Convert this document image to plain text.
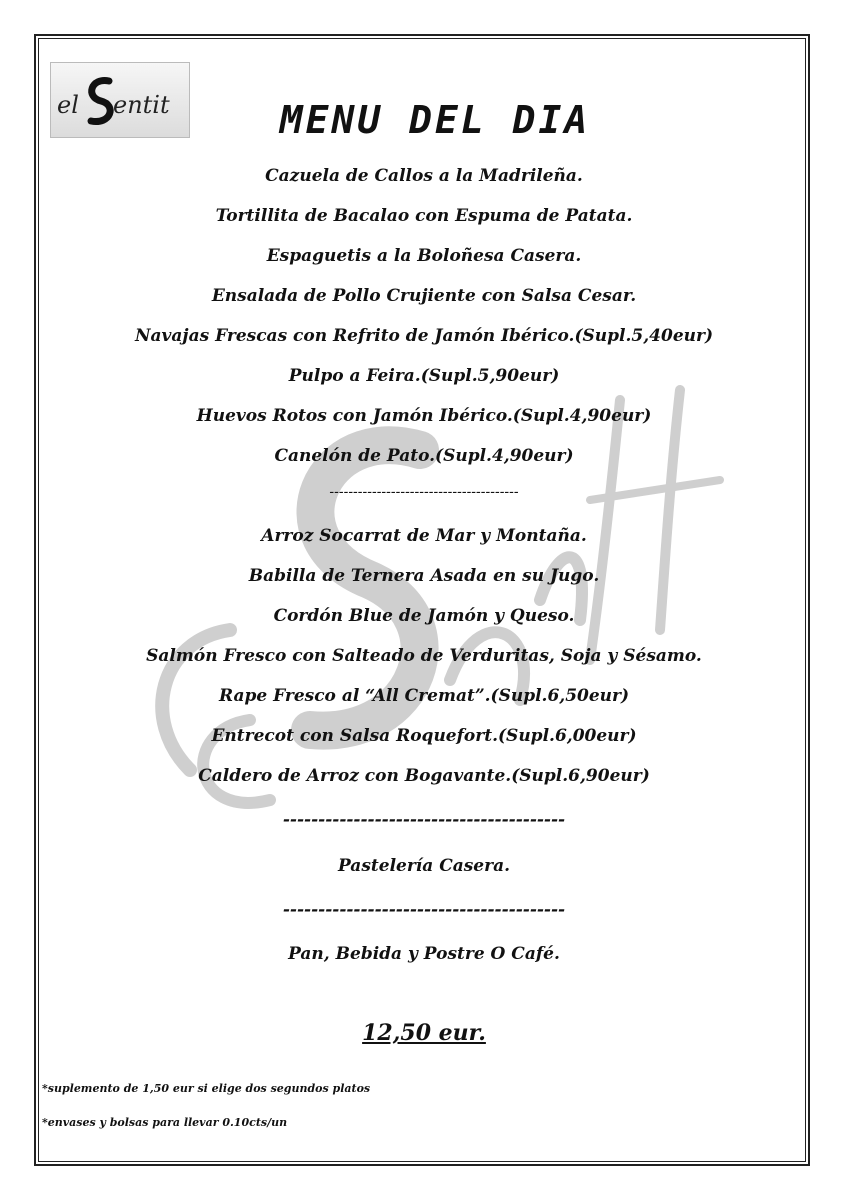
el entit	MENU DEL DIA
Cazuela de Callos a la Madrileña.
Tortillita de Bacalao con Espuma de Patata.
Espaguetis a la Boloñesa Casera.
Ensalada de Pollo Crujiente con Salsa Cesar.
Navajas Frescas con Refrito de Jamón Ibérico.(Supl.5,40eur)
Pulpo a Feira.(Supl.5,90eur)
Huevos Rotos con Jamón Ibérico.(Supl.4,90eur)
Canelón de Pato.(Supl.4,90eur)
----------------------------------------
Arroz Socarrat de Mar y Montaña.
Babilla de Ternera Asada en su Jugo.
Cordón Blue de Jamón y Queso.
Salmón Fresco con Salteado de Verduritas, Soja y Sésamo.
Rape Fresco al “All Cremat”.(Supl.6,50eur)
Entrecot con Salsa Roquefort.(Supl.6,00eur)
Caldero de Arroz con Bogavante.(Supl.6,90eur)
----------------------------------------
Pastelería Casera.
----------------------------------------
Pan, Bebida y Postre O Café.
12,50 eur.
*suplemento de 1,50 eur si elige dos segundos platos
*envases y bolsas para llevar 0.10cts/un
